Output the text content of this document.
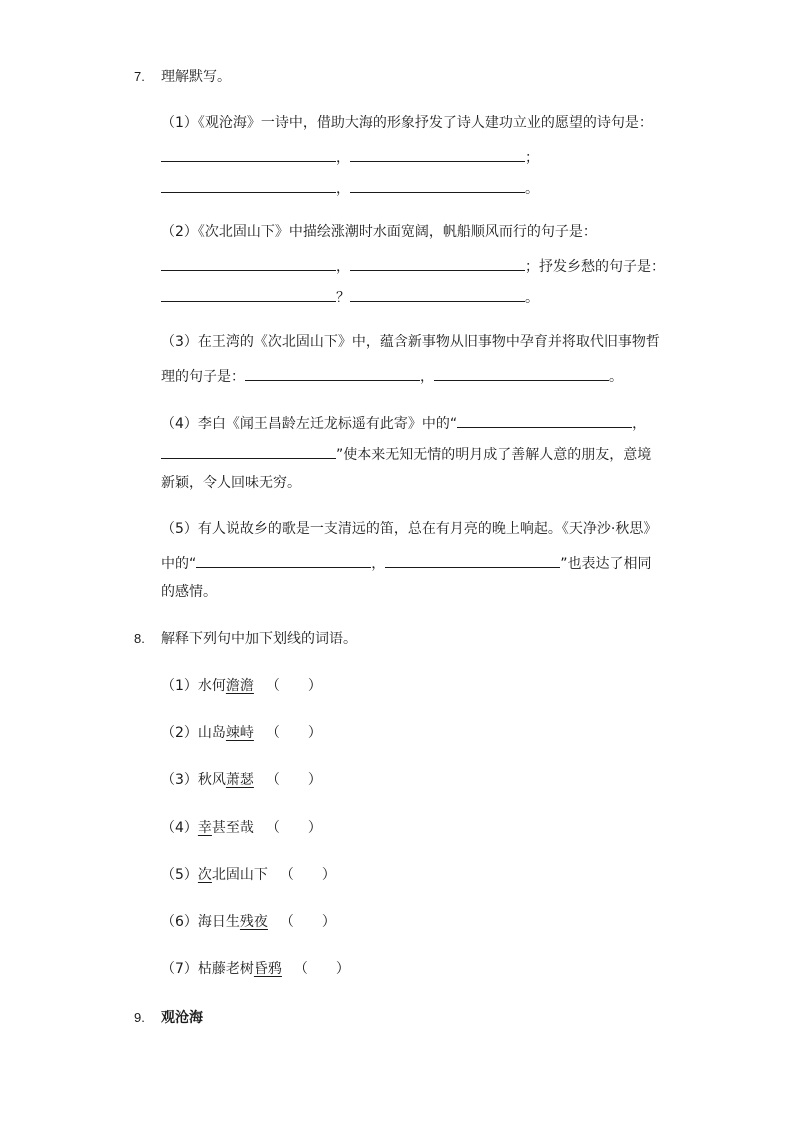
7. 理解默写。
（1）《观沧海》一诗中，借助大海的形象抒发了诗人建功立业的愿望的诗句是：
，	；
，	。
（2）《次北固山下》中描绘涨潮时水面宽阔，帆船顺风而行的句子是：
，	；抒发乡愁的句子是：
？	。
（3）在王湾的《次北固山下》中，蕴含新事物从旧事物中孕育并将取代旧事物哲
理的句子是：	，	。
（4）李白《闻王昌龄左迁龙标遥有此寄》中的“	，
”使本来无知无情的明月成了善解人意的朋友，意境
新颖，令人回味无穷。
（5）有人说故乡的歌是一支清远的笛，总在有月亮的晚上响起。《天净沙·秋思》
中的“	，	”也表达了相同
的感情。
8. 解释下列句中加下划线的词语。
（1）水何澹澹 （　　）
（2）山岛竦峙 （　　）
（3）秋风萧瑟 （　　）
（4）幸甚至哉 （　　）
（5）次北固山下 （　　）
（6）海日生残夜 （　　）
（7）枯藤老树昏鸦 （　　）
9. 观沧海
